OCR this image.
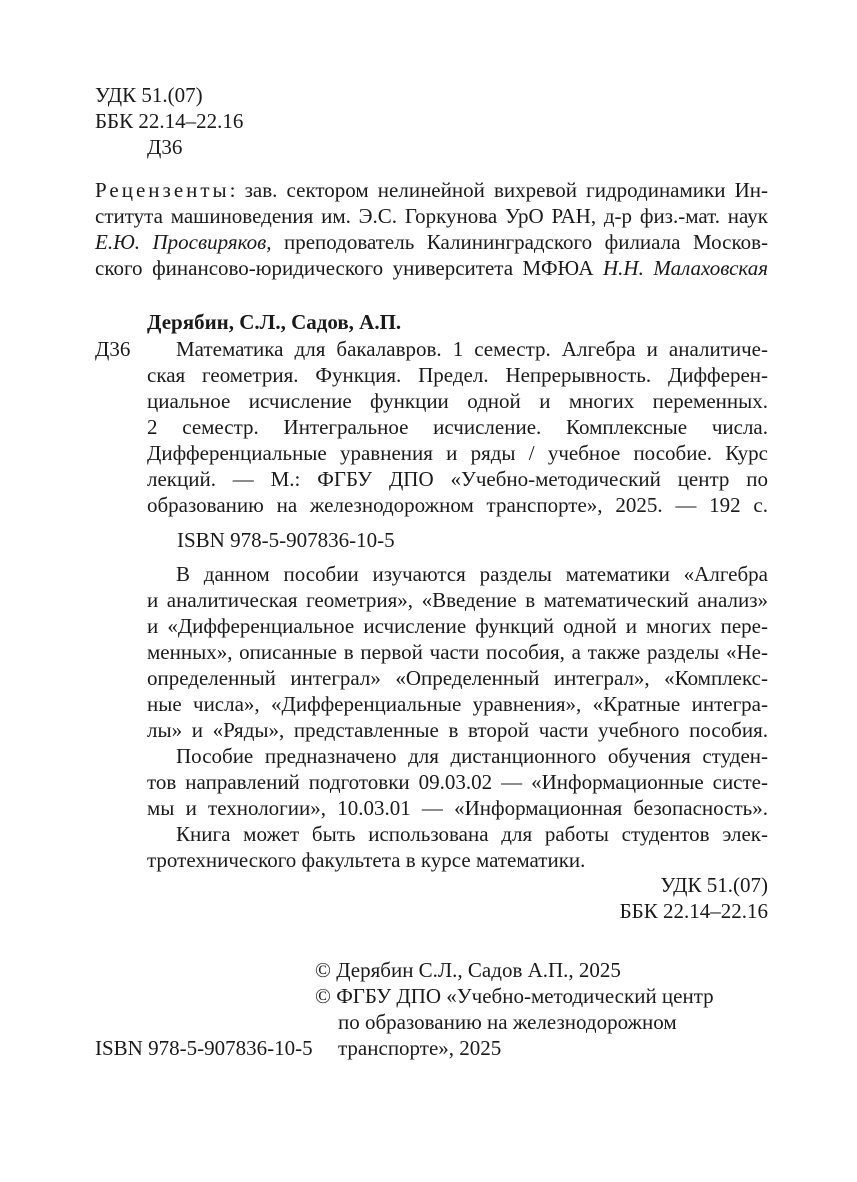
УДК 51.(07)
ББК 22.14–22.16
Д36
Рецензенты: зав. сектором нелинейной вихревой гидродинамики Ин-
ститута машиноведения им. Э.С. Горкунова УрО РАН, д-р физ.-мат. наук
Е.Ю. Просвиряков, преподователь Калининградского филиала Москов-
ского финансово-юридического университета МФЮА Н.Н. Малаховская
Дерябин, С.Л., Садов, А.П.
Д36	Математика для бакалавров. 1 семестр. Алгебра и аналитиче-
ская геометрия. Функция. Предел. Непрерывность. Дифферен-
циальное исчисление функции одной и многих переменных.
2 семестр. Интегральное исчисление. Комплексные числа.
Дифференциальные уравнения и ряды / учебное пособие. Курс
лекций. — М.: ФГБУ ДПО «Учебно-методический центр по
образованию на железнодорожном транспорте», 2025. — 192 с.
ISBN 978-5-907836-10-5
В данном пособии изучаются разделы математики «Алгебра
и аналитическая геометрия», «Введение в математический анализ»
и «Дифференциальное исчисление функций одной и многих пере-
менных», описанные в первой части пособия, а также разделы «Не-
определенный интеграл» «Определенный интеграл», «Комплекс-
ные числа», «Дифференциальные уравнения», «Кратные интегра-
лы» и «Ряды», представленные в второй части учебного пособия.
Пособие предназначено для дистанционного обучения студен-
тов направлений подготовки 09.03.02 — «Информационные систе-
мы и технологии», 10.03.01 — «Информационная безопасность».
Книга может быть использована для работы студентов элек-
тротехнического факультета в курсе математики.
УДК 51.(07)
ББК 22.14–22.16
© Дерябин С.Л., Садов А.П., 2025
© ФГБУ ДПО «Учебно-методический центр
по образованию на железнодорожном
транспорте», 2025
ISBN 978-5-907836-10-5
